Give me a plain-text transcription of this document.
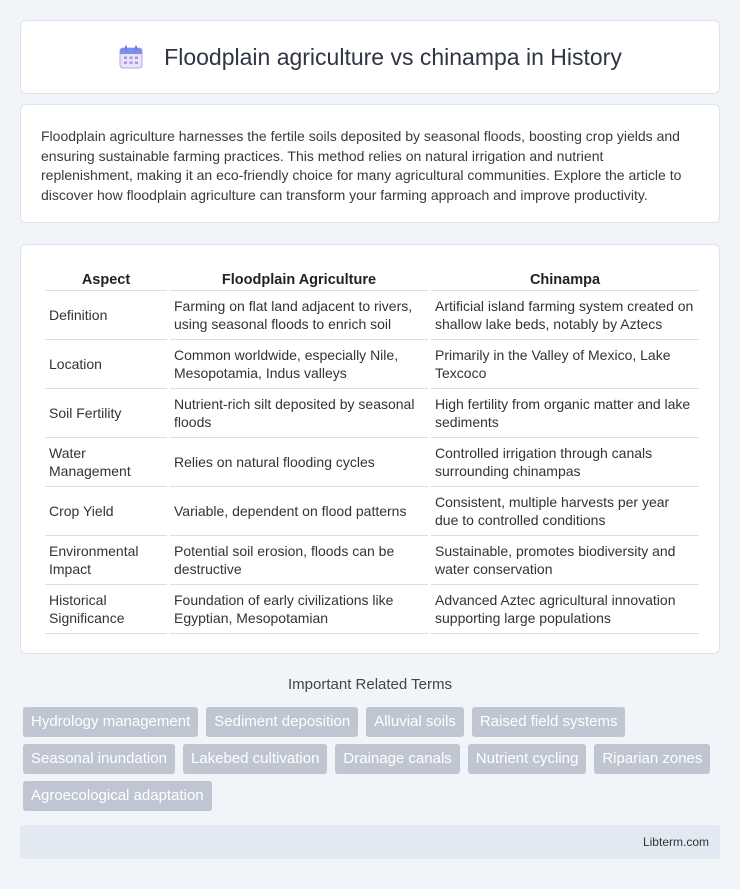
Floodplain agriculture vs chinampa in History

Floodplain agriculture harnesses the fertile soils deposited by seasonal floods, boosting crop yields and ensuring sustainable farming practices. This method relies on natural irrigation and nutrient replenishment, making it an eco-friendly choice for many agricultural communities. Explore the article to discover how floodplain agriculture can transform your farming approach and improve productivity.

Aspect	Floodplain Agriculture	Chinampa
Definition	Farming on flat land adjacent to rivers, using seasonal floods to enrich soil	Artificial island farming system created on shallow lake beds, notably by Aztecs
Location	Common worldwide, especially Nile, Mesopotamia, Indus valleys	Primarily in the Valley of Mexico, Lake Texcoco
Soil Fertility	Nutrient-rich silt deposited by seasonal floods	High fertility from organic matter and lake sediments
Water Management	Relies on natural flooding cycles	Controlled irrigation through canals surrounding chinampas
Crop Yield	Variable, dependent on flood patterns	Consistent, multiple harvests per year due to controlled conditions
Environmental Impact	Potential soil erosion, floods can be destructive	Sustainable, promotes biodiversity and water conservation
Historical Significance	Foundation of early civilizations like Egyptian, Mesopotamian	Advanced Aztec agricultural innovation supporting large populations
Important Related Terms
Hydrology management	Sediment deposition	Alluvial soils	Raised field systems
Seasonal inundation	Lakebed cultivation	Drainage canals	Nutrient cycling	Riparian zones
Agroecological adaptation
Libterm.com
